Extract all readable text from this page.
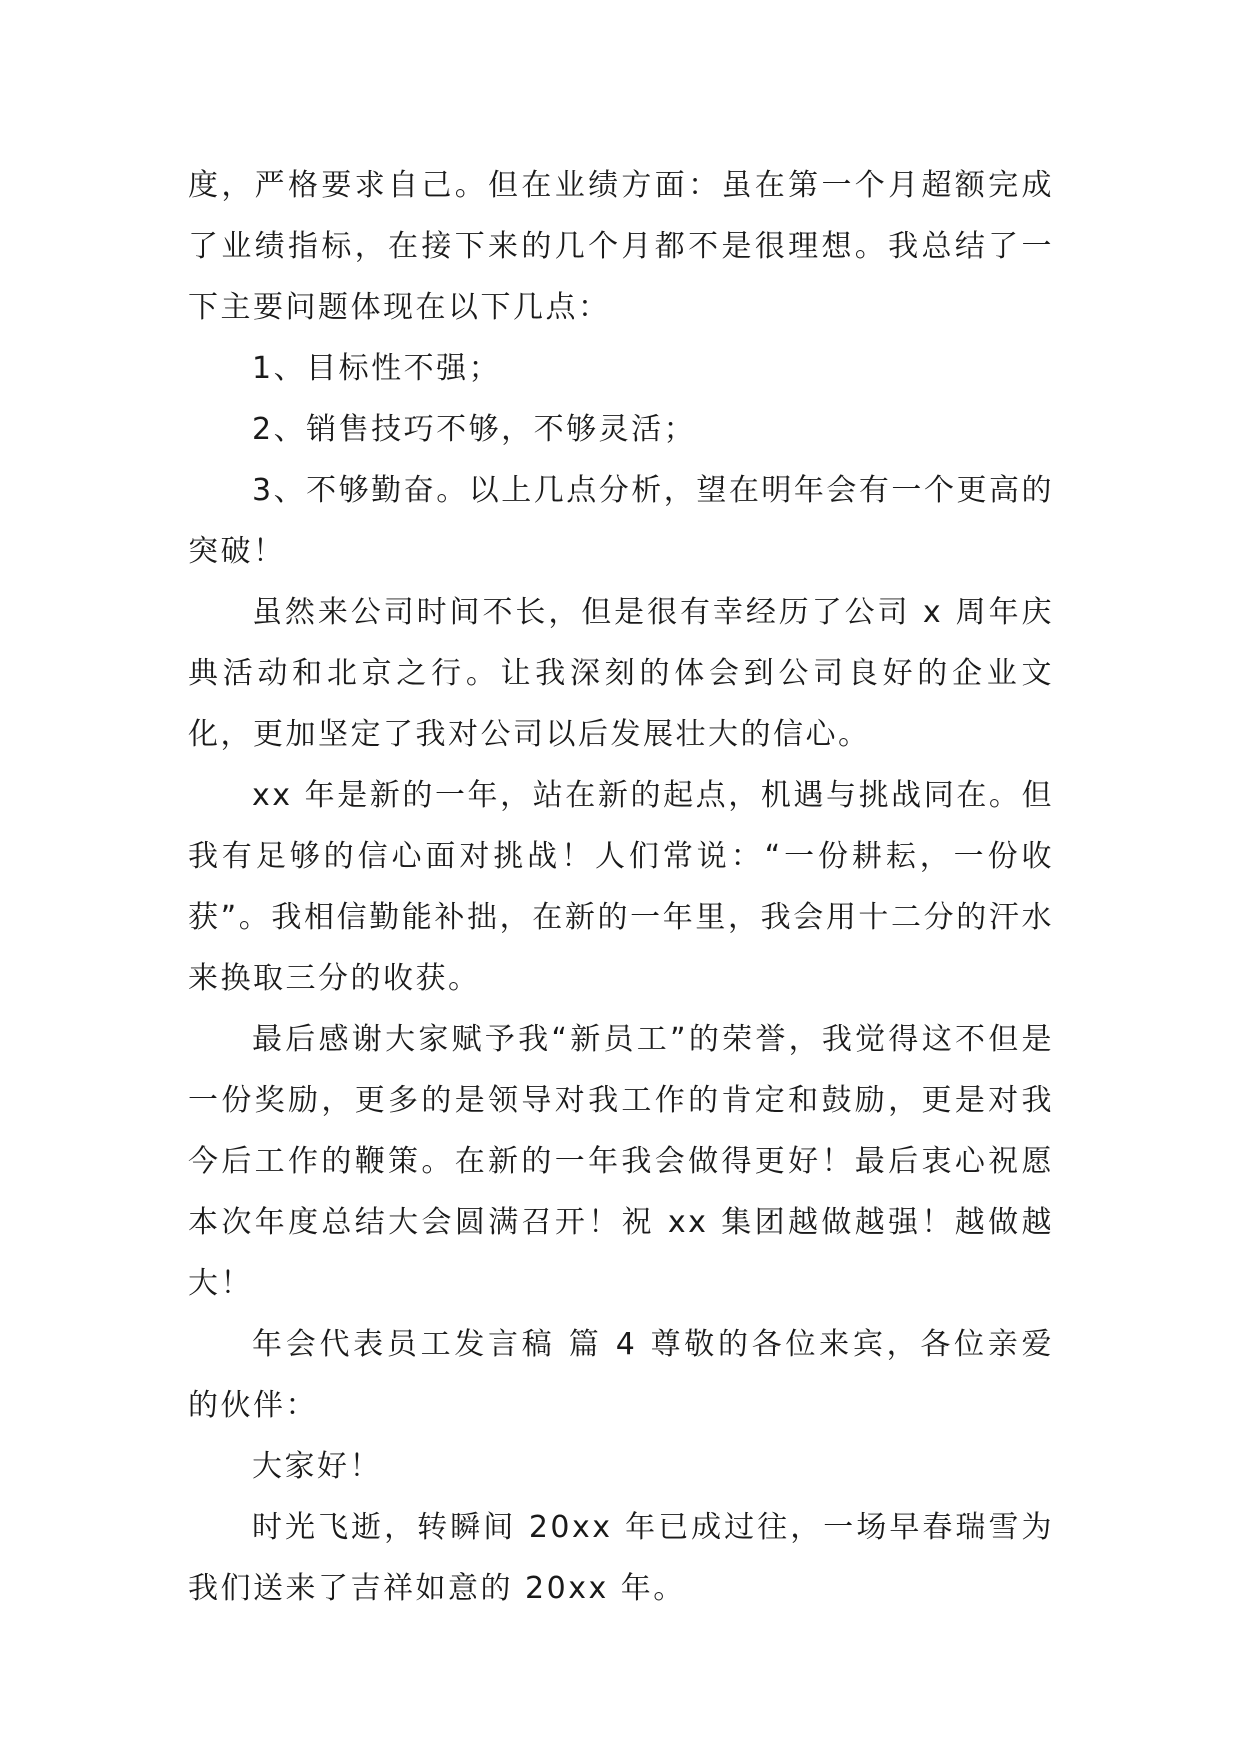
度，严格要求自己。但在业绩方面：虽在第一个月超额完成了业绩指标，在接下来的几个月都不是很理想。我总结了一下主要问题体现在以下几点：

1、目标性不强；

2、销售技巧不够，不够灵活；

3、不够勤奋。以上几点分析，望在明年会有一个更高的突破！

虽然来公司时间不长，但是很有幸经历了公司 x 周年庆典活动和北京之行。让我深刻的体会到公司良好的企业文化，更加坚定了我对公司以后发展壮大的信心。

xx 年是新的一年，站在新的起点，机遇与挑战同在。但我有足够的信心面对挑战！人们常说：“一份耕耘，一份收获”。我相信勤能补拙，在新的一年里，我会用十二分的汗水来换取三分的收获。

最后感谢大家赋予我“新员工”的荣誉，我觉得这不但是一份奖励，更多的是领导对我工作的肯定和鼓励，更是对我今后工作的鞭策。在新的一年我会做得更好！最后衷心祝愿本次年度总结大会圆满召开！祝 xx 集团越做越强！越做越大！

年会代表员工发言稿 篇 4 尊敬的各位来宾，各位亲爱的伙伴：

大家好！

时光飞逝，转瞬间 20xx 年已成过往，一场早春瑞雪为我们送来了吉祥如意的 20xx 年。
